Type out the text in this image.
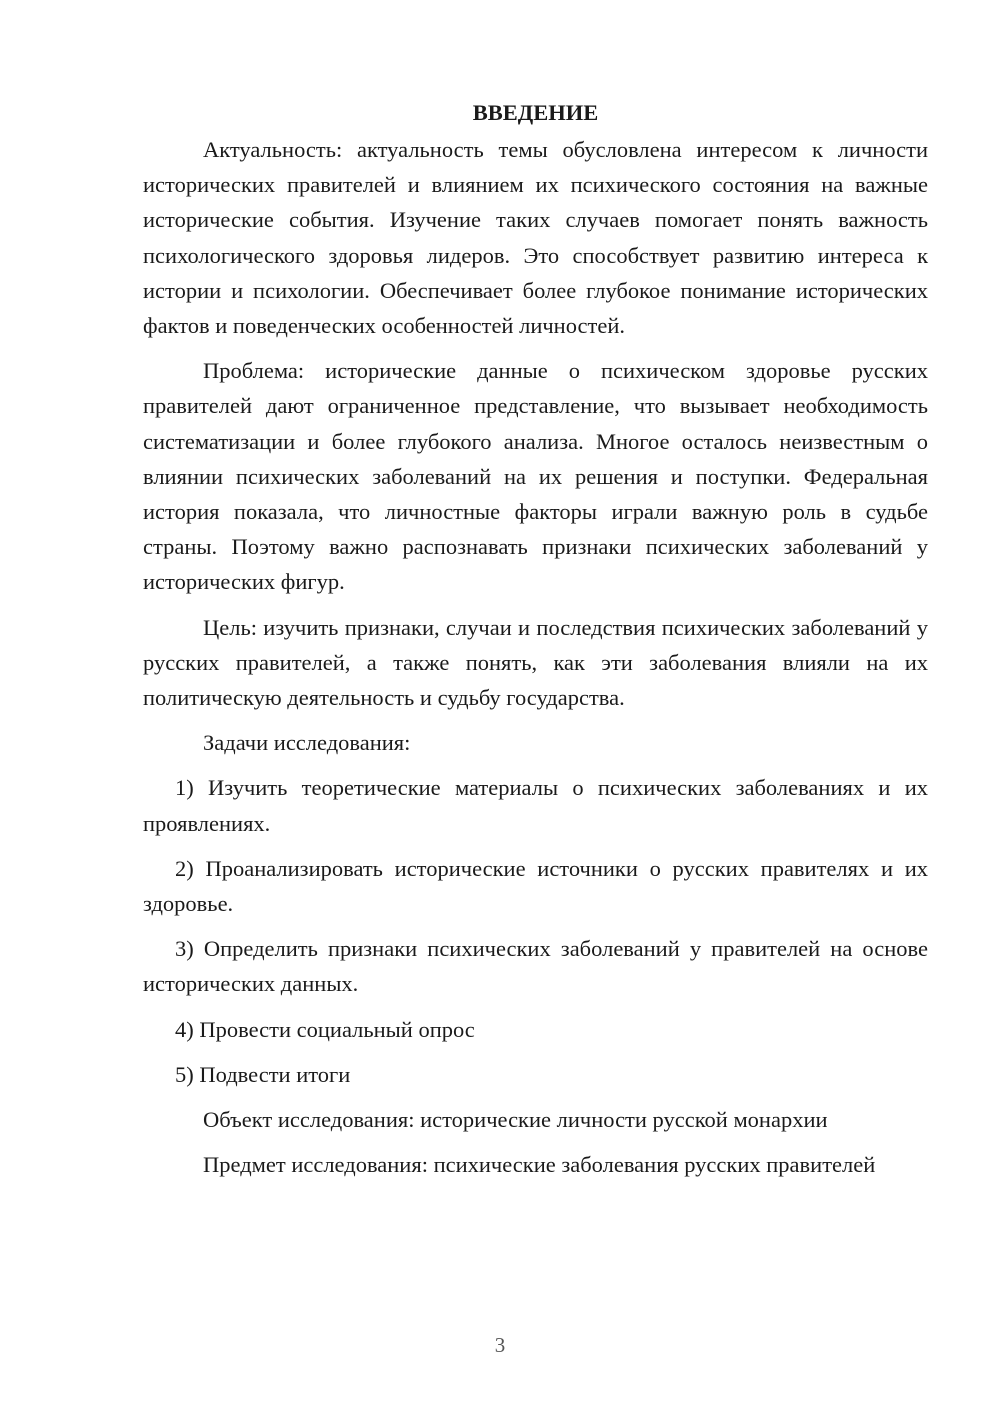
ВВЕДЕНИЕ

Актуальность: актуальность темы обусловлена интересом к личности исторических правителей и влиянием их психического состояния на важные исторические события. Изучение таких случаев помогает понять важность психологического здоровья лидеров. Это способствует развитию интереса к истории и психологии. Обеспечивает более глубокое понимание исторических фактов и поведенческих особенностей личностей.

Проблема: исторические данные о психическом здоровье русских правителей дают ограниченное представление, что вызывает необходимость систематизации и более глубокого анализа. Многое осталось неизвестным о влиянии психических заболеваний на их решения и поступки. Федеральная история показала, что личностные факторы играли важную роль в судьбе страны. Поэтому важно распознавать признаки психических заболеваний у исторических фигур.

Цель: изучить признаки, случаи и последствия психических заболеваний у русских правителей, а также понять, как эти заболевания влияли на их политическую деятельность и судьбу государства.

Задачи исследования:

1) Изучить теоретические материалы о психических заболеваниях и их проявлениях.

2) Проанализировать исторические источники о русских правителях и их здоровье.

3) Определить признаки психических заболеваний у правителей на основе исторических данных.

4) Провести социальный опрос

5) Подвести итоги

Объект исследования: исторические личности русской монархии

Предмет исследования: психические заболевания русских правителей

3
